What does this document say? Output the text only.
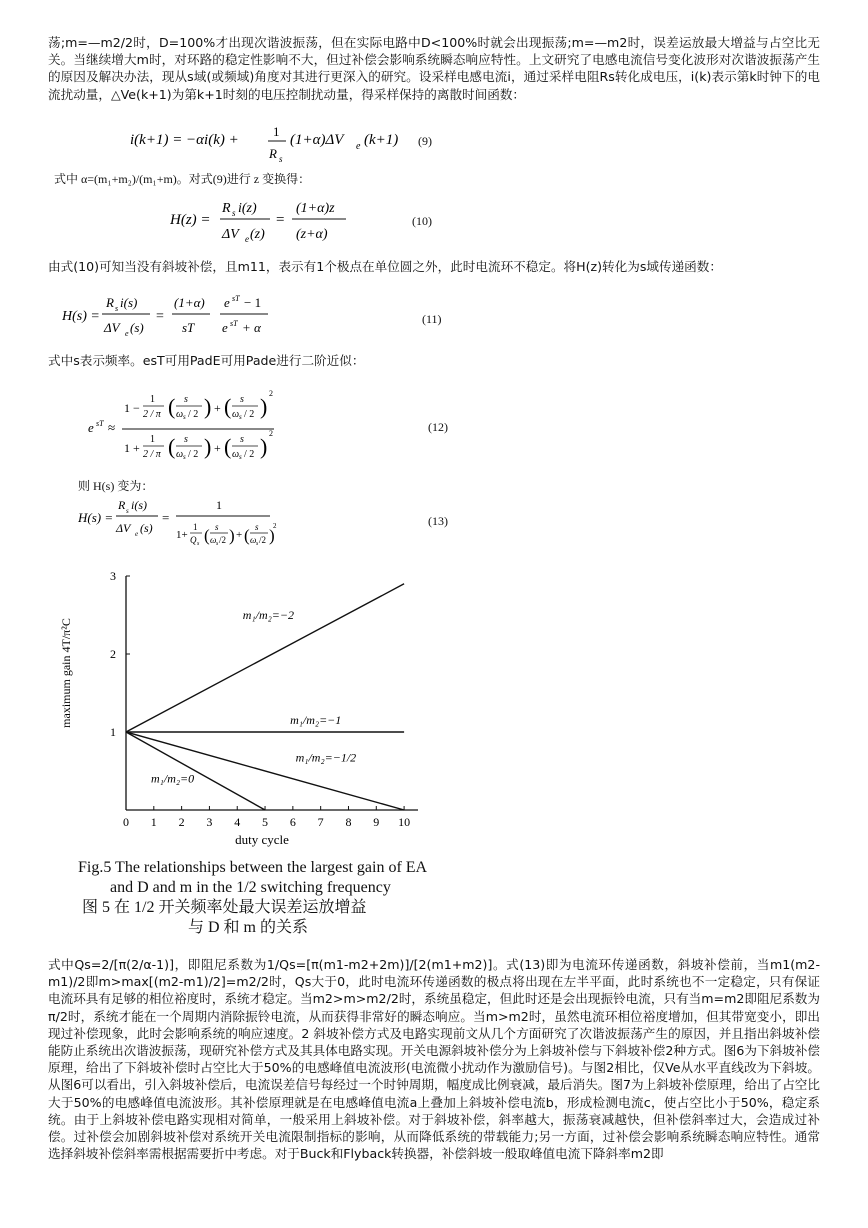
荡;m=—m2/2时，D=100%才出现次谐波振荡，但在实际电路中D<100%时就会出现振荡;m=—m2时，误差运放最大增益与占空比无关。当继续增大m时，对环路的稳定性影响不大，但过补偿会影响系统瞬态响应特性。上文研究了电感电流信号变化波形对次谐波振荡产生的原因及解决办法，现从s域(或频域)角度对其进行更深入的研究。设采样电感电流i，通过采样电阻Rs转化成电压，i(k)表示第k时钟下的电流扰动量，△Ve(k+1)为第k+1时刻的电压控制扰动量，得采样保持的离散时间函数：

i(k+1) = −αi(k) +
1
R s
(1+α)ΔV e (k+1) (9)
式中 α=(m₁+m₂)/(m₁+m)。对式(9)进行 z 变换得：
H(z) =
R s i(z)
ΔV e (z)
=
(1+α)z
(z+α)
(10)

由式(10)可知当没有斜坡补偿，且m11，表示有1个极点在单位圆之外，此时电流环不稳定。将H(z)转化为s域传递函数：

H(s) =
R s i(s)
ΔV e (s)
=
(1+α)
sT
e sT − 1
e sT + α
(11)

式中s表示频率。esT可用PadE可用Pade进行二阶近似：

e sT ≈
1 −
1
2 / π ( s
ω s / 2 ) + ( s
ω s / 2 )
2
1 +
1
2 / π ( s
ω s / 2 ) + ( s
ω s / 2 )
2	(12)
则 H(s) 变为：
H(s) =
R s i(s)
ΔV e (s)
=
1
1+
1
Q s ( s
ω s /2 ) + ( s
ω s /2 )
2	(13)
0 1 2 3 4 5 6 7 8 9 10
1
2
3
duty cycle
maximum gain 4T/π²C
m₁/m₂=−2
m₁/m₂=−1
m₁/m₂=−1/2
m₁/m₂=0
Fig.5 The relationships between the largest gain of EA
and D and m in the 1/2 switching frequency
图 5 在 1/2 开关频率处最大误差运放增益
与 D 和 m 的关系

式中Qs=2/[π(2/α-1)]，即阻尼系数为1/Qs=[π(m1-m2+2m)]/[2(m1+m2)]。式(13)即为电流环传递函数，斜坡补偿前，当m1(m2-m1)/2即m>max[(m2-m1)/2]=m2/2时，Qs大于0，此时电流环传递函数的极点将出现在左半平面，此时系统也不一定稳定，只有保证电流环具有足够的相位裕度时，系统才稳定。当m2>m>m2/2时，系统虽稳定，但此时还是会出现振铃电流，只有当m=m2即阻尼系数为π/2时，系统才能在一个周期内消除振铃电流，从而获得非常好的瞬态响应。当m>m2时，虽然电流环相位裕度增加，但其带宽变小，即出现过补偿现象，此时会影响系统的响应速度。2 斜坡补偿方式及电路实现前文从几个方面研究了次谐波振荡产生的原因，并且指出斜坡补偿能防止系统出次谐波振荡，现研究补偿方式及其具体电路实现。开关电源斜坡补偿分为上斜坡补偿与下斜坡补偿2种方式。图6为下斜坡补偿原理，给出了下斜坡补偿时占空比大于50%的电感峰值电流波形(电流微小扰动作为激励信号)。与图2相比，仅Ve从水平直线改为下斜坡。从图6可以看出，引入斜坡补偿后，电流误差信号每经过一个时钟周期，幅度成比例衰减，最后消失。图7为上斜坡补偿原理，给出了占空比大于50%的电感峰值电流波形。其补偿原理就是在电感峰值电流a上叠加上斜坡补偿电流b，形成检测电流c，使占空比小于50%，稳定系统。由于上斜坡补偿电路实现相对简单，一般采用上斜坡补偿。对于斜坡补偿，斜率越大，振荡衰减越快，但补偿斜率过大，会造成过补偿。过补偿会加剧斜坡补偿对系统开关电流限制指标的影响，从而降低系统的带载能力;另一方面，过补偿会影响系统瞬态响应特性。通常选择斜坡补偿斜率需根据需要折中考虑。对于Buck和Flyback转换器，补偿斜坡一般取峰值电流下降斜率m2即
